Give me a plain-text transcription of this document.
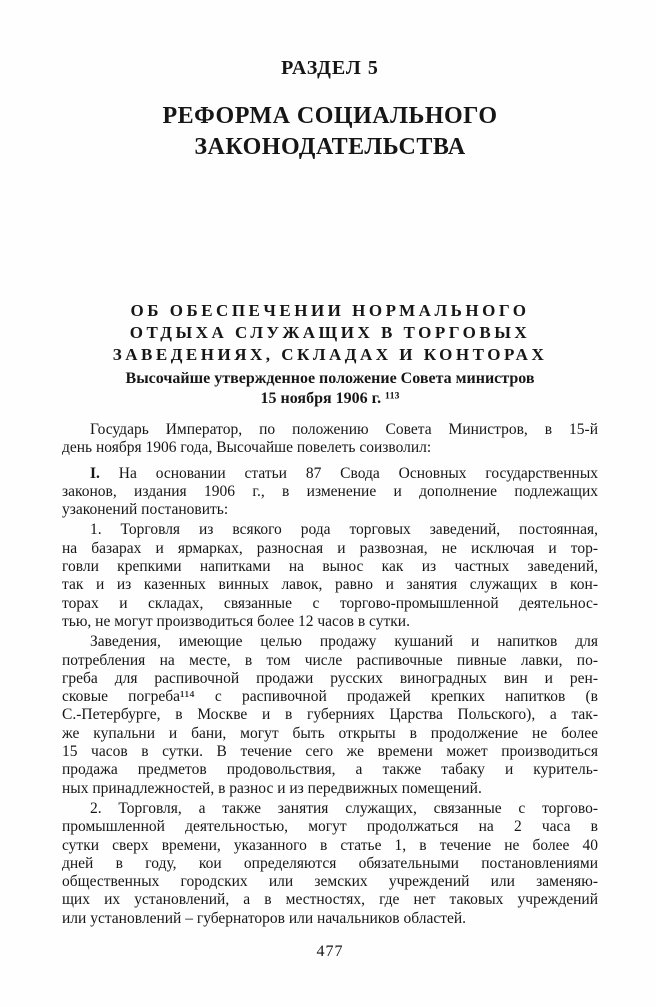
РАЗДЕЛ 5
РЕФОРМА СОЦИАЛЬНОГО
ЗАКОНОДАТЕЛЬСТВА
ОБ ОБЕСПЕЧЕНИИ НОРМАЛЬНОГО
ОТДЫХА СЛУЖАЩИХ В ТОРГОВЫХ
ЗАВЕДЕНИЯХ, СКЛАДАХ И КОНТОРАХ
Высочайше утвержденное положение Совета министров
15 ноября 1906 г. ¹¹³
Государь Император, по положению Совета Министров, в 15-й
день ноября 1906 года, Высочайше повелеть соизволил:
I. На основании статьи 87 Свода Основных государственных
законов, издания 1906 г., в изменение и дополнение подлежащих
узаконений постановить:
1. Торговля из всякого рода торговых заведений, постоянная,
на базарах и ярмарках, разносная и развозная, не исключая и тор-
говли крепкими напитками на вынос как из частных заведений,
так и из казенных винных лавок, равно и занятия служащих в кон-
торах и складах, связанные с торгово-промышленной деятельнос-
тью, не могут производиться более 12 часов в сутки.
Заведения, имеющие целью продажу кушаний и напитков для
потребления на месте, в том числе распивочные пивные лавки, по-
греба для распивочной продажи русских виноградных вин и рен-
сковые погреба¹¹⁴ с распивочной продажей крепких напитков (в
С.-Петербурге, в Москве и в губерниях Царства Польского), а так-
же купальни и бани, могут быть открыты в продолжение не более
15 часов в сутки. В течение сего же времени может производиться
продажа предметов продовольствия, а также табаку и куритель-
ных принадлежностей, в разнос и из передвижных помещений.
2. Торговля, а также занятия служащих, связанные с торгово-
промышленной деятельностью, могут продолжаться на 2 часа в
сутки сверх времени, указанного в статье 1, в течение не более 40
дней в году, кои определяются обязательными постановлениями
общественных городских или земских учреждений или заменяю-
щих их установлений, а в местностях, где нет таковых учреждений
или установлений – губернаторов или начальников областей.
477
